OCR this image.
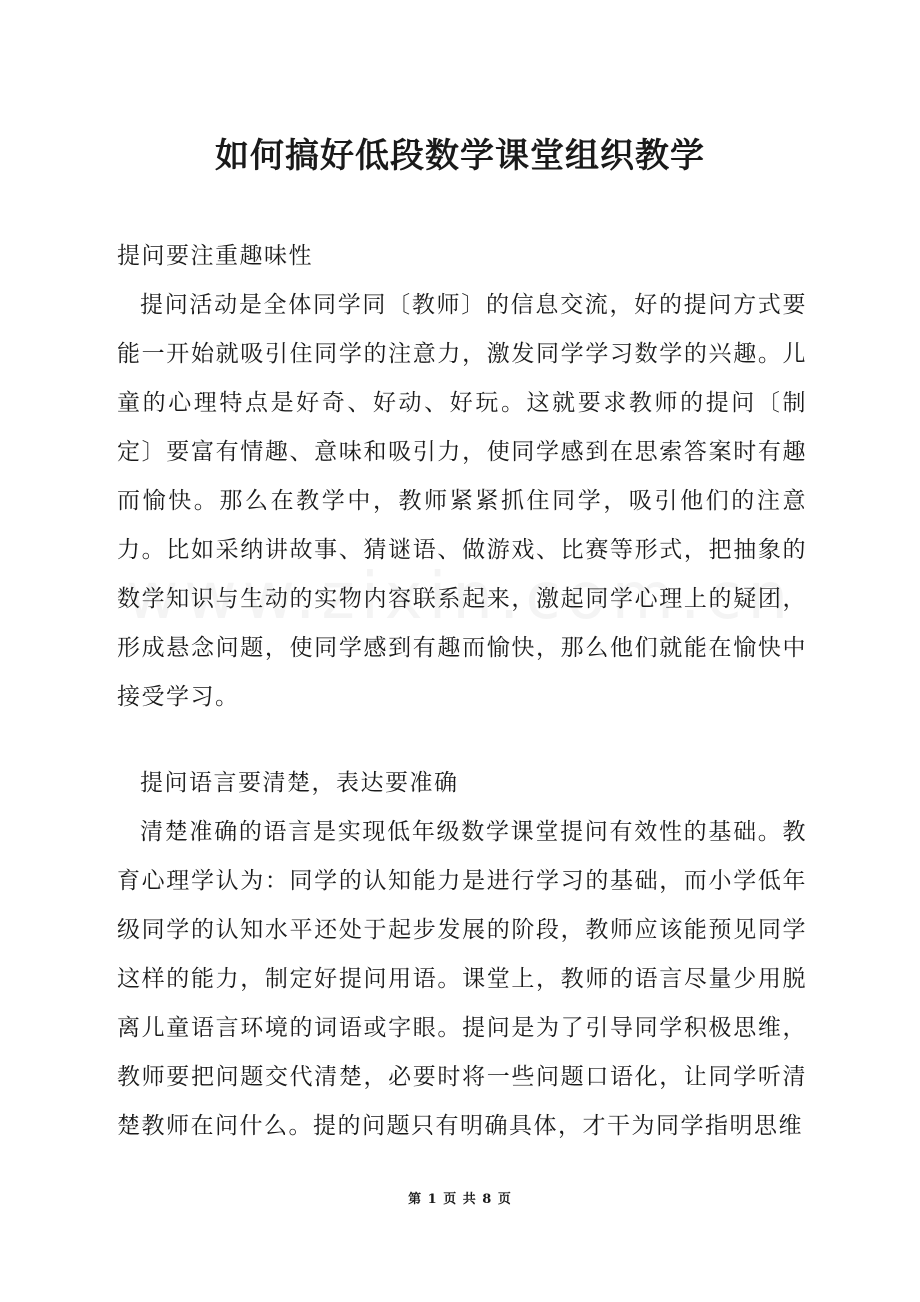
如何搞好低段数学课堂组织教学
提问要注重趣味性

提问活动是全体同学同〔教师〕的信息交流，好的提问方式要能一开始就吸引住同学的注意力，激发同学学习数学的兴趣。儿童的心理特点是好奇、好动、好玩。这就要求教师的提问〔制定〕要富有情趣、意味和吸引力，使同学感到在思索答案时有趣而愉快。那么在教学中，教师紧紧抓住同学，吸引他们的注意力。比如采纳讲故事、猜谜语、做游戏、比赛等形式，把抽象的数学知识与生动的实物内容联系起来，激起同学心理上的疑团，形成悬念问题，使同学感到有趣而愉快，那么他们就能在愉快中接受学习。

提问语言要清楚，表达要准确

清楚准确的语言是实现低年级数学课堂提问有效性的基础。教育心理学认为：同学的认知能力是进行学习的基础，而小学低年级同学的认知水平还处于起步发展的阶段，教师应该能预见同学这样的能力，制定好提问用语。课堂上，教师的语言尽量少用脱离儿童语言环境的词语或字眼。提问是为了引导同学积极思维，教师要把问题交代清楚，必要时将一些问题口语化，让同学听清楚教师在问什么。提的问题只有明确具体，才干为同学指明思维

第 1 页 共 8 页
